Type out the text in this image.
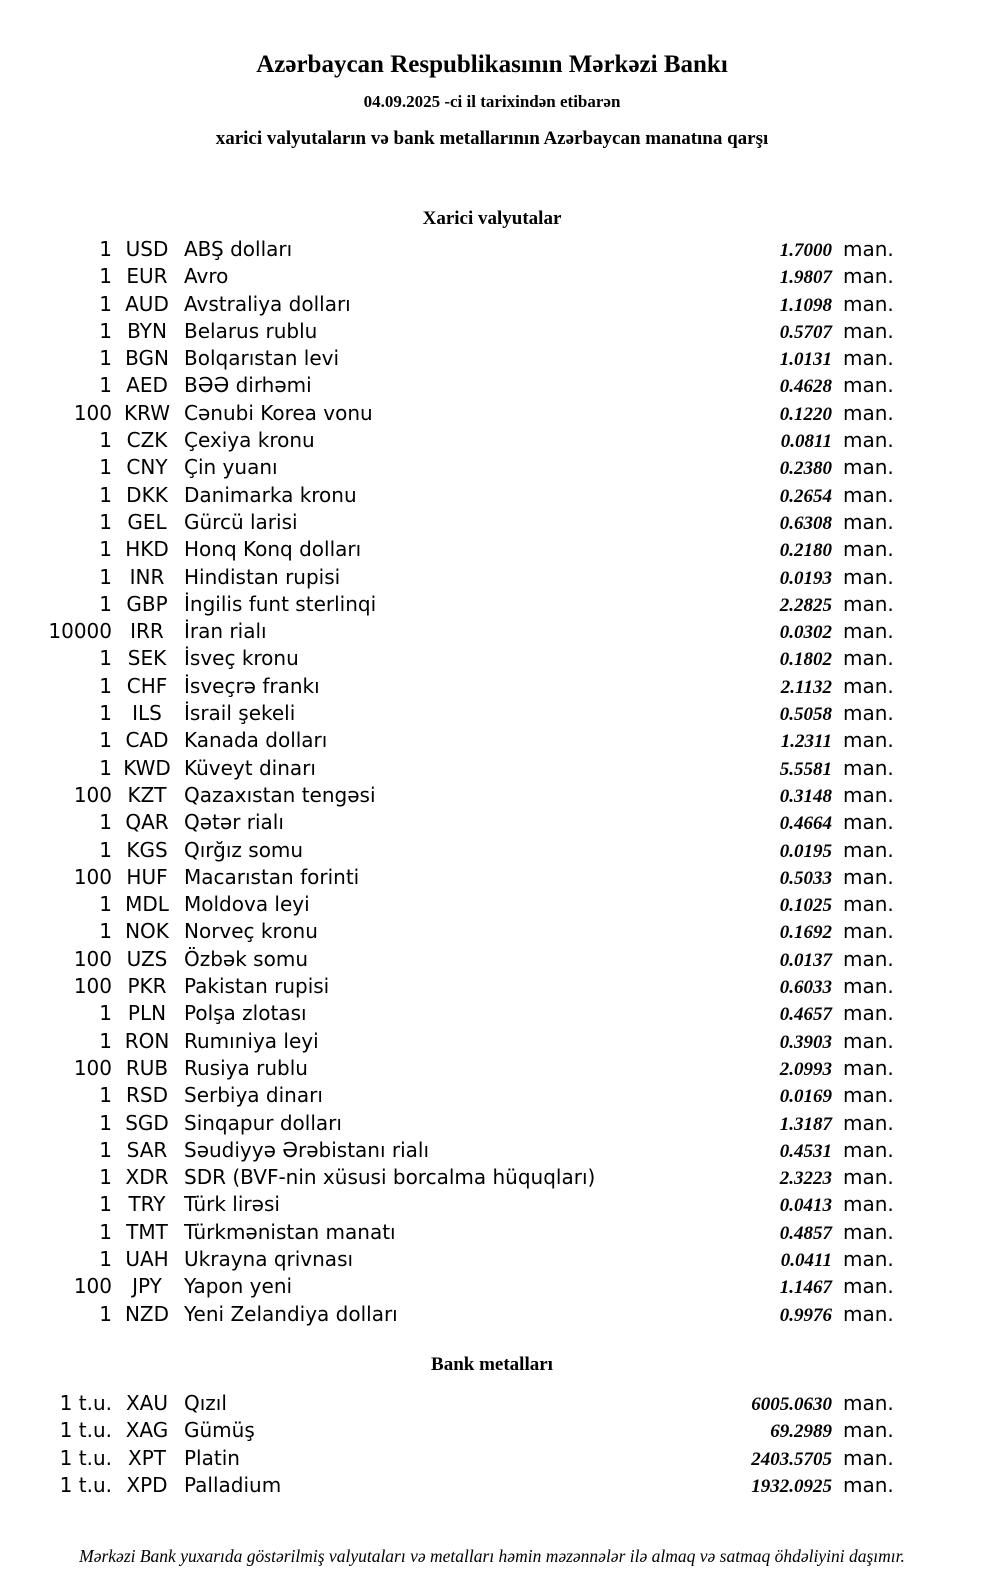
Azərbaycan Respublikasının Mərkəzi Bankı
04.09.2025 -ci il tarixindən etibarən
xarici valyutaların və bank metallarının Azərbaycan manatına qarşı
Xarici valyutalar
1 USD ABŞ dolları	1.7000 man.
1 EUR Avro	1.9807 man.
1 AUD Avstraliya dolları	1.1098 man.
1 BYN Belarus rublu	0.5707 man.
1 BGN Bolqarıstan levi	1.0131 man.
1 AED BƏƏ dirhəmi	0.4628 man.
100 KRW Cənubi Korea vonu	0.1220 man.
1 CZK Çexiya kronu	0.0811 man.
1 CNY Çin yuanı	0.2380 man.
1 DKK Danimarka kronu	0.2654 man.
1 GEL Gürcü larisi	0.6308 man.
1 HKD Honq Konq dolları	0.2180 man.
1 INR Hindistan rupisi	0.0193 man.
1 GBP İngilis funt sterlinqi	2.2825 man.
10000 IRR	İran rialı	0.0302 man.
1 SEK İsveç kronu	0.1802 man.
1 CHF İsveçrə frankı	2.1132 man.
1	ILS	İsrail şekeli	0.5058 man.
1 CAD Kanada dolları	1.2311 man.
1 KWD Küveyt dinarı	5.5581 man.
100 KZT Qazaxıstan tengəsi	0.3148 man.
1 QAR Qətər rialı	0.4664 man.
1 KGS Qırğız somu	0.0195 man.
100 HUF Macarıstan forinti	0.5033 man.
1 MDL Moldova leyi	0.1025 man.
1 NOK Norveç kronu	0.1692 man.
100 UZS Özbək somu	0.0137 man.
100 PKR Pakistan rupisi	0.6033 man.
1 PLN Polşa zlotası	0.4657 man.
1 RON Rumıniya leyi	0.3903 man.
100 RUB Rusiya rublu	2.0993 man.
1 RSD Serbiya dinarı	0.0169 man.
1 SGD Sinqapur dolları	1.3187 man.
1 SAR Səudiyyə Ərəbistanı rialı	0.4531 man.
1 XDR SDR (BVF-nin xüsusi borcalma hüquqları)	2.3223 man.
1 TRY Türk lirəsi	0.0413 man.
1 TMT Türkmənistan manatı	0.4857 man.
1 UAH Ukrayna qrivnası	0.0411 man.
100	JPY	Yapon yeni	1.1467 man.
1 NZD Yeni Zelandiya dolları	0.9976 man.
Bank metalları
1 t.u. XAU Qızıl	6005.0630 man.
1 t.u. XAG Gümüş	69.2989 man.
1 t.u. XPT Platin	2403.5705 man.
1 t.u. XPD Palladium	1932.0925 man.
Mərkəzi Bank yuxarıda göstərilmiş valyutaları və metalları həmin məzənnələr ilə almaq və satmaq öhdəliyini daşımır.
